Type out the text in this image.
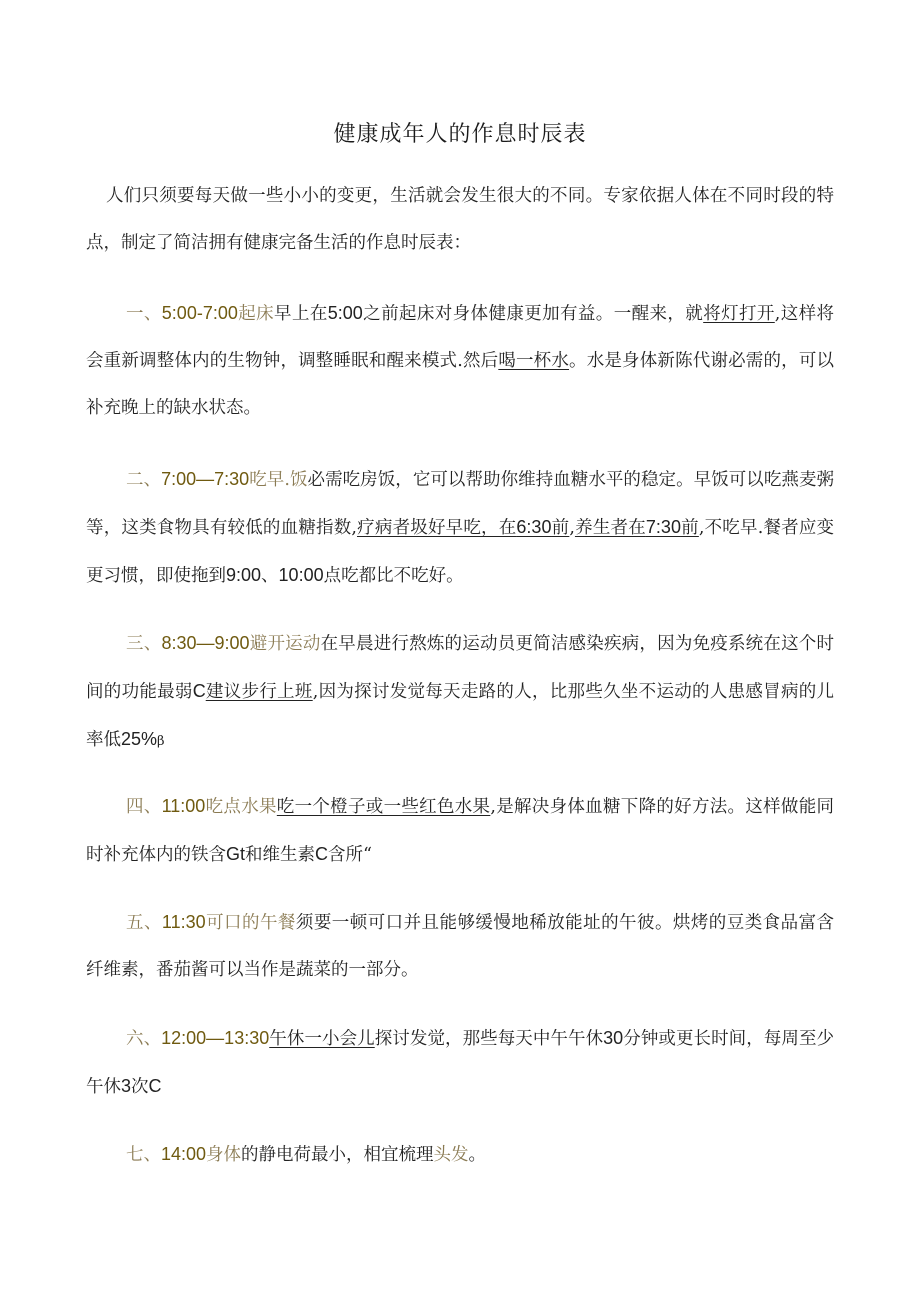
健康成年人的作息时辰表

人们只须要每天做一些小小的变更，生活就会发生很大的不同。专家依据人体在不同时段的特点，制定了简洁拥有健康完备生活的作息时辰表：

一、5:00-7:00起床早上在5:00之前起床对身体健康更加有益。一醒来，就将灯打开,这样将会重新调整体内的生物钟，调整睡眠和醒来模式.然后喝一杯水。水是身体新陈代谢必需的，可以补充晚上的缺水状态。

二、7:00—7:30吃早.饭必需吃房饭，它可以帮助你维持血糖水平的稳定。早饭可以吃燕麦粥等，这类食物具有较低的血糖指数,疗病者圾好早吃，在6:30前,养生者在7:30前,不吃早.餐者应变更习惯，即使拖到9:00、10:00点吃都比不吃好。

三、8:30—9:00避开运动在早晨进行熬炼的运动员更简洁感染疾病，因为免疫系统在这个时间的功能最弱C建议步行上班,因为探讨发觉每天走路的人，比那些久坐不运动的人患感冒病的儿率低25%β

四、11:00吃点水果吃一个橙子或一些红色水果,是解决身体血糖下降的好方法。这样做能同时补充体内的铁含Gt和维生素C含所“

五、11:30可口的午餐须要一顿可口并且能够缓慢地稀放能址的午彼。烘烤的豆类食品富含纤维素，番茄酱可以当作是蔬菜的一部分。

六、12:00—13:30午休一小会儿探讨发觉，那些每天中午午休30分钟或更长时间，每周至少午休3次C

七、14:00身体的静电荷最小，相宜梳理头发。
